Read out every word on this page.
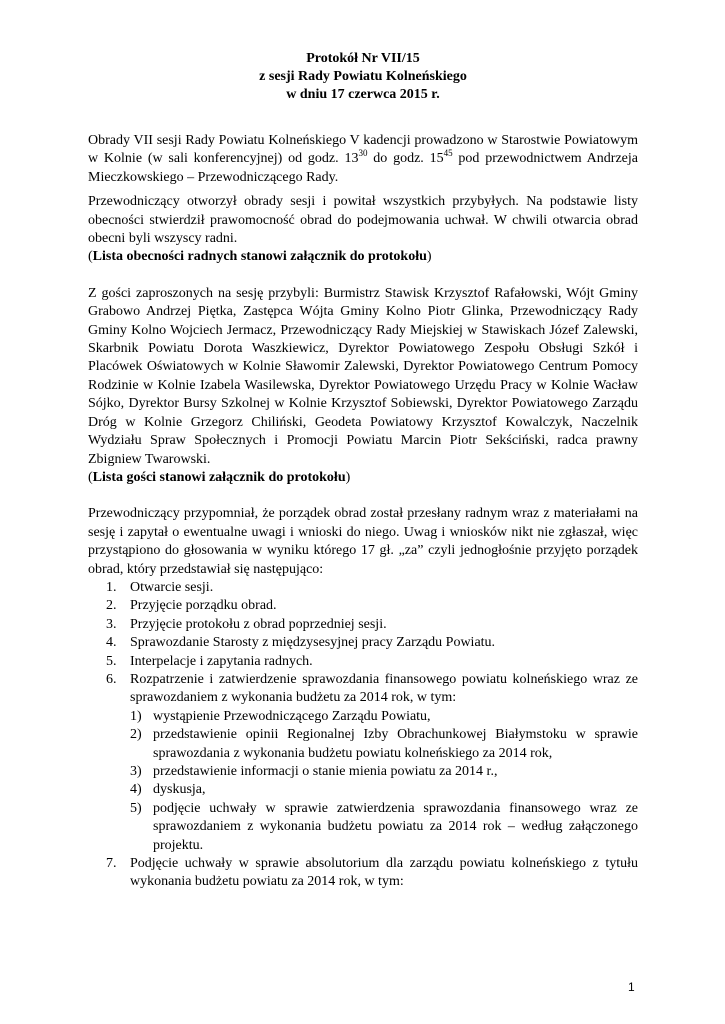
Protokół Nr VII/15

z sesji Rady Powiatu Kolneńskiego

w dniu 17 czerwca 2015 r.

Obrady VII sesji Rady Powiatu Kolneńskiego V kadencji prowadzono w Starostwie Powiatowym w Kolnie (w sali konferencyjnej) od godz. $13^{30}$ do godz. $15^{45}$ pod przewodnictwem Andrzeja Mieczkowskiego – Przewodniczącego Rady.

Przewodniczący otworzył obrady sesji i powitał wszystkich przybyłych. Na podstawie listy obecności stwierdził prawomocność obrad do podejmowania uchwał. W chwili otwarcia obrad obecni byli wszyscy radni.

(Lista obecności radnych stanowi załącznik do protokołu)

Z gości zaproszonych na sesję przybyli: Burmistrz Stawisk Krzysztof Rafałowski, Wójt Gminy Grabowo Andrzej Piętka, Zastępca Wójta Gminy Kolno Piotr Glinka, Przewodniczący Rady Gminy Kolno Wojciech Jermacz, Przewodniczący Rady Miejskiej w Stawiskach Józef Zalewski, Skarbnik Powiatu Dorota Waszkiewicz, Dyrektor Powiatowego Zespołu Obsługi Szkół i Placówek Oświatowych w Kolnie Sławomir Zalewski, Dyrektor Powiatowego Centrum Pomocy Rodzinie w Kolnie Izabela Wasilewska, Dyrektor Powiatowego Urzędu Pracy w Kolnie Wacław Sójko, Dyrektor Bursy Szkolnej w Kolnie Krzysztof Sobiewski, Dyrektor Powiatowego Zarządu Dróg w Kolnie Grzegorz Chiliński, Geodeta Powiatowy Krzysztof Kowalczyk, Naczelnik Wydziału Spraw Społecznych i Promocji Powiatu Marcin Piotr Sekściński, radca prawny Zbigniew Twarowski.

(Lista gości stanowi załącznik do protokołu)

Przewodniczący przypomniał, że porządek obrad został przesłany radnym wraz z materiałami na sesję i zapytał o ewentualne uwagi i wnioski do niego. Uwag i wniosków nikt nie zgłaszał, więc przystąpiono do głosowania w wyniku którego 17 gł. „za” czyli jednogłośnie przyjęto porządek obrad, który przedstawiał się następująco:

1. Otwarcie sesji.
2. Przyjęcie porządku obrad.
3. Przyjęcie protokołu z obrad poprzedniej sesji.
4. Sprawozdanie Starosty z międzysesyjnej pracy Zarządu Powiatu.
5. Interpelacje i zapytania radnych.
6. Rozpatrzenie i zatwierdzenie sprawozdania finansowego powiatu kolneńskiego wraz ze sprawozdaniem z wykonania budżetu za 2014 rok, w tym:
1) wystąpienie Przewodniczącego Zarządu Powiatu,
2) przedstawienie opinii Regionalnej Izby Obrachunkowej Białymstoku w sprawie sprawozdania z wykonania budżetu powiatu kolneńskiego za 2014 rok,
3) przedstawienie informacji o stanie mienia powiatu za 2014 r.,
4) dyskusja,
5) podjęcie uchwały w sprawie zatwierdzenia sprawozdania finansowego wraz ze sprawozdaniem z wykonania budżetu powiatu za 2014 rok – według załączonego projektu.
7. Podjęcie uchwały w sprawie absolutorium dla zarządu powiatu kolneńskiego z tytułu wykonania budżetu powiatu za 2014 rok, w tym:
1
